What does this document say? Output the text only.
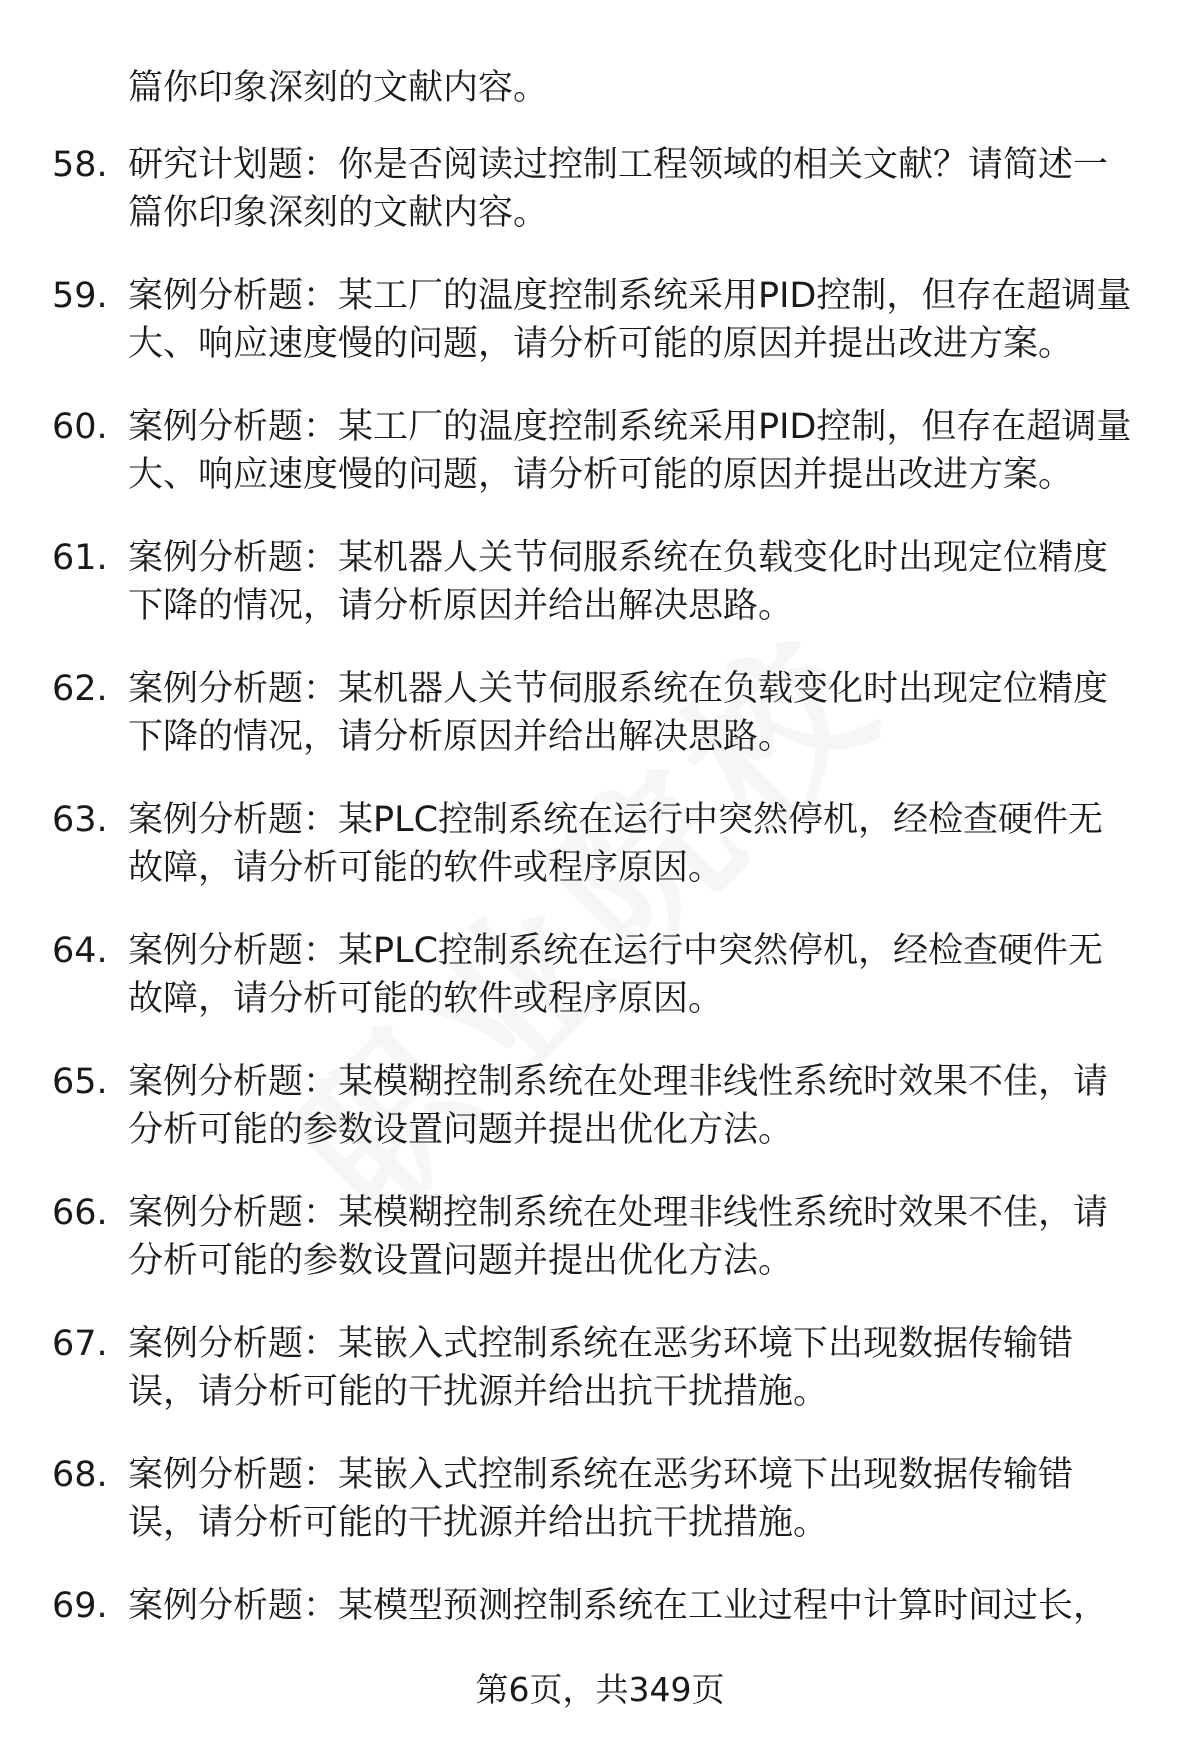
篇你印象深刻的文献内容。
58. 研究计划题：你是否阅读过控制工程领域的相关文献？请简述一篇你印象深刻的文献内容。
59. 案例分析题：某工厂的温度控制系统采用PID控制，但存在超调量大、响应速度慢的问题，请分析可能的原因并提出改进方案。
60. 案例分析题：某工厂的温度控制系统采用PID控制，但存在超调量大、响应速度慢的问题，请分析可能的原因并提出改进方案。
61. 案例分析题：某机器人关节伺服系统在负载变化时出现定位精度下降的情况，请分析原因并给出解决思路。
62. 案例分析题：某机器人关节伺服系统在负载变化时出现定位精度下降的情况，请分析原因并给出解决思路。
63. 案例分析题：某PLC控制系统在运行中突然停机，经检查硬件无故障，请分析可能的软件或程序原因。
64. 案例分析题：某PLC控制系统在运行中突然停机，经检查硬件无故障，请分析可能的软件或程序原因。
65. 案例分析题：某模糊控制系统在处理非线性系统时效果不佳，请分析可能的参数设置问题并提出优化方法。
66. 案例分析题：某模糊控制系统在处理非线性系统时效果不佳，请分析可能的参数设置问题并提出优化方法。
67. 案例分析题：某嵌入式控制系统在恶劣环境下出现数据传输错误，请分析可能的干扰源并给出抗干扰措施。
68. 案例分析题：某嵌入式控制系统在恶劣环境下出现数据传输错误，请分析可能的干扰源并给出抗干扰措施。
69. 案例分析题：某模型预测控制系统在工业过程中计算时间过长，
第6页，共349页
